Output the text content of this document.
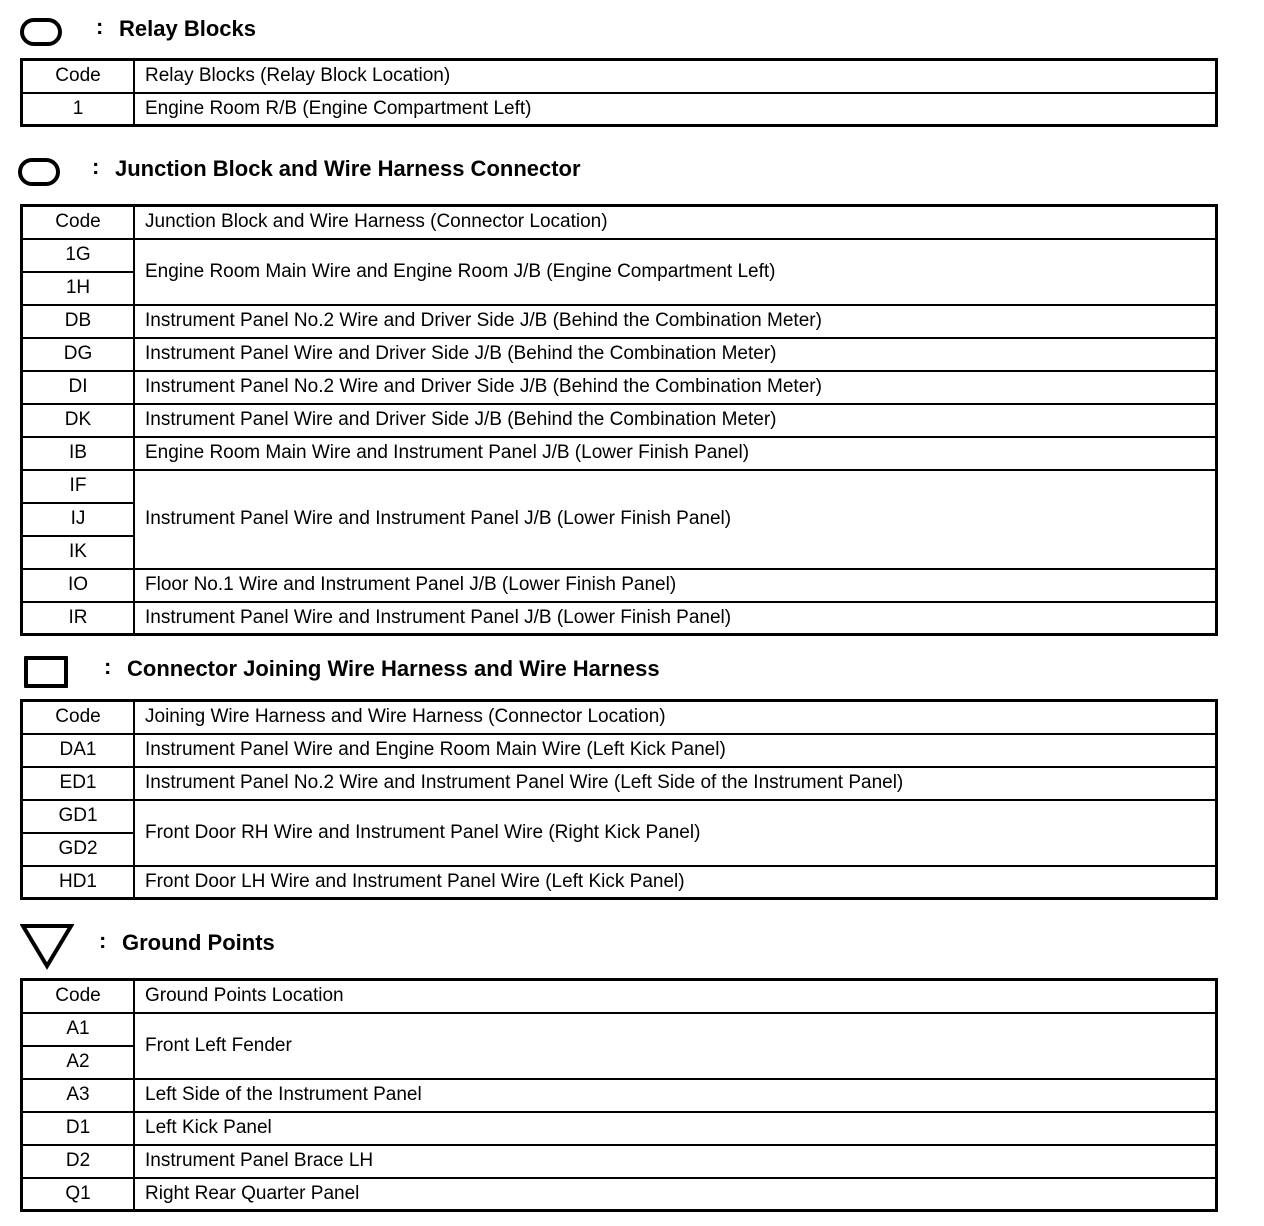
: Relay Blocks
Code	Relay Blocks (Relay Block Location)
1	Engine Room R/B (Engine Compartment Left)
: Junction Block and Wire Harness Connector
Code	Junction Block and Wire Harness (Connector Location)
1G	Engine Room Main Wire and Engine Room J/B (Engine Compartment Left)
1H	
DB	Instrument Panel No.2 Wire and Driver Side J/B (Behind the Combination Meter)
DG	Instrument Panel Wire and Driver Side J/B (Behind the Combination Meter)
DI	Instrument Panel No.2 Wire and Driver Side J/B (Behind the Combination Meter)
DK	Instrument Panel Wire and Driver Side J/B (Behind the Combination Meter)
IB	Engine Room Main Wire and Instrument Panel J/B (Lower Finish Panel)
IF	Instrument Panel Wire and Instrument Panel J/B (Lower Finish Panel)
IJ	
IK	
IO	Floor No.1 Wire and Instrument Panel J/B (Lower Finish Panel)
IR	Instrument Panel Wire and Instrument Panel J/B (Lower Finish Panel)
: Connector Joining Wire Harness and Wire Harness
Code	Joining Wire Harness and Wire Harness (Connector Location)
DA1	Instrument Panel Wire and Engine Room Main Wire (Left Kick Panel)
ED1	Instrument Panel No.2 Wire and Instrument Panel Wire (Left Side of the Instrument Panel)
GD1	Front Door RH Wire and Instrument Panel Wire (Right Kick Panel)
GD2	
HD1	Front Door LH Wire and Instrument Panel Wire (Left Kick Panel)
: Ground Points
Code	Ground Points Location
A1	Front Left Fender
A2	
A3	Left Side of the Instrument Panel
D1	Left Kick Panel
D2	Instrument Panel Brace LH
Q1	Right Rear Quarter Panel
